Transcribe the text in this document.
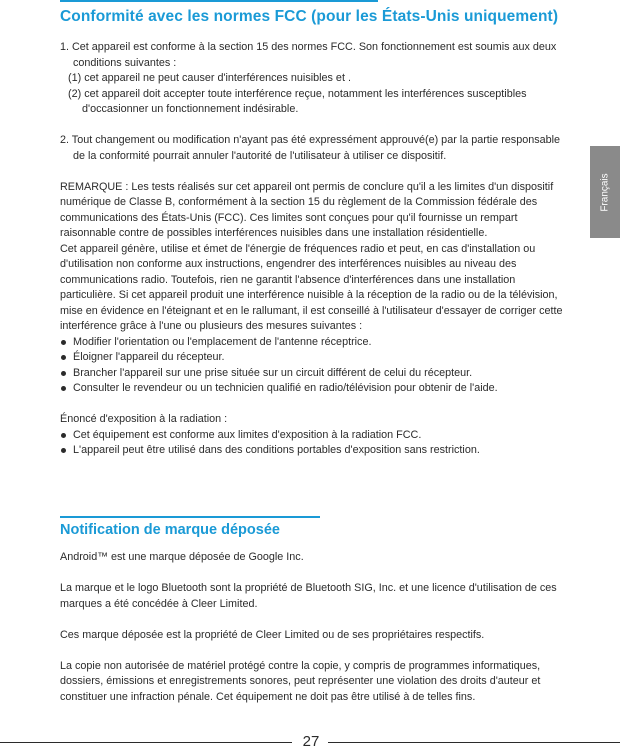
Conformité avec les normes FCC (pour les États-Unis uniquement)

1. Cet appareil est conforme à la section 15 des normes FCC. Son fonctionnement est soumis aux deux conditions suivantes :

(1) cet appareil ne peut causer d'interférences nuisibles et .

(2) cet appareil doit accepter toute interférence reçue, notamment les interférences susceptibles d'occasionner un fonctionnement indésirable.

2. Tout changement ou modification n'ayant pas été expressément approuvé(e) par la partie responsable de la conformité pourrait annuler l'autorité de l'utilisateur à utiliser ce dispositif.

REMARQUE : Les tests réalisés sur cet appareil ont permis de conclure qu'il a les limites d'un dispositif numérique de Classe B, conformément à la section 15 du règlement de la Commission fédérale des communications des États-Unis (FCC). Ces limites sont conçues pour qu'il fournisse un rempart raisonnable contre de possibles interférences nuisibles dans une installation résidentielle.

Cet appareil génère, utilise et émet de l'énergie de fréquences radio et peut, en cas d'installation ou d'utilisation non conforme aux instructions, engendrer des interférences nuisibles au niveau des communications radio. Toutefois, rien ne garantit l'absence d'interférences dans une installation particulière. Si cet appareil produit une interférence nuisible à la réception de la radio ou de la télévision, mise en évidence en l'éteignant et en le rallumant, il est conseillé à l'utilisateur d'essayer de corriger cette interférence grâce à l'une ou plusieurs des mesures suivantes :

Modifier l'orientation ou l'emplacement de l'antenne réceptrice.

Éloigner l'appareil du récepteur.

Brancher l'appareil sur une prise située sur un circuit différent de celui du récepteur.

Consulter le revendeur ou un technicien qualifié en radio/télévision pour obtenir de l'aide.

Énoncé d'exposition à la radiation :

Cet équipement est conforme aux limites d'exposition à la radiation FCC.

L'appareil peut être utilisé dans des conditions portables d'exposition sans restriction.

Notification de marque déposée

Android™ est une marque déposée de Google Inc.

La marque et le logo Bluetooth sont la propriété de Bluetooth SIG, Inc. et une licence d'utilisation de ces marques a été concédée à Cleer Limited.

Ces marque déposée est la propriété de Cleer Limited ou de ses propriétaires respectifs.

La copie non autorisée de matériel protégé contre la copie, y compris de programmes informatiques, dossiers, émissions et enregistrements sonores, peut représenter une violation des droits d'auteur et constituer une infraction pénale. Cet équipement ne doit pas être utilisé à de telles fins.

Français
27
